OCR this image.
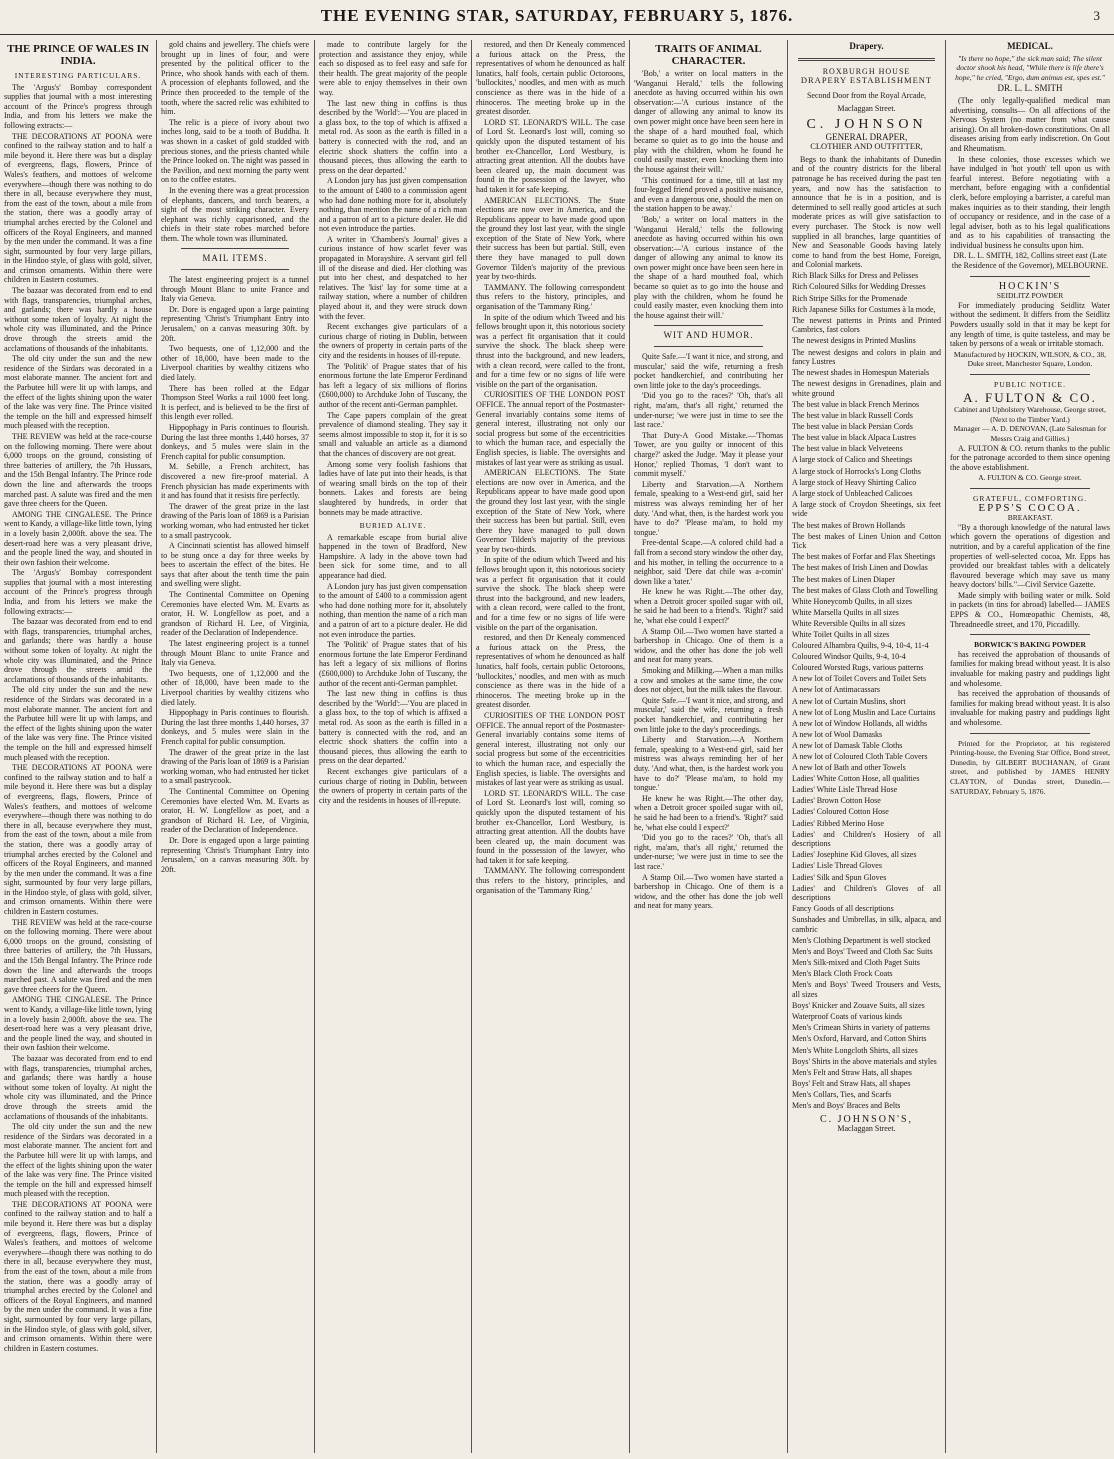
THE EVENING STAR, SATURDAY, FEBRUARY 5, 1876.	3
THE PRINCE OF WALES IN INDIA.
INTERESTING PARTICULARS.

The 'Argus's' Bombay correspondent supplies that journal with a most interesting account of the Prince's progress through India, and from his letters we make the following extracts:—

THE DECORATIONS AT POONA were confined to the railway station and to half a mile beyond it. Here there was but a display of evergreens, flags, flowers, Prince of Wales's feathers, and mottoes of welcome everywhere—though there was nothing to do there in all, because everywhere they must, from the east of the town, about a mile from the station, there was a goodly array of triumphal arches erected by the Colonel and officers of the Royal Engineers, and manned by the men under the command. It was a fine sight, surmounted by four very large pillars, in the Hindoo style, of glass with gold, silver, and crimson ornaments. Within there were children in Eastern costumes.

The bazaar was decorated from end to end with flags, transparencies, triumphal arches, and garlands; there was hardly a house without some token of loyalty. At night the whole city was illuminated, and the Prince drove through the streets amid the acclamations of thousands of the inhabitants.

The old city under the sun and the new residence of the Sirdars was decorated in a most elaborate manner. The ancient fort and the Parbutee hill were lit up with lamps, and the effect of the lights shining upon the water of the lake was very fine. The Prince visited the temple on the hill and expressed himself much pleased with the reception.

THE REVIEW was held at the race-course on the following morning. There were about 6,000 troops on the ground, consisting of three batteries of artillery, the 7th Hussars, and the 15th Bengal Infantry. The Prince rode down the line and afterwards the troops marched past. A salute was fired and the men gave three cheers for the Queen.

AMONG THE CINGALESE. The Prince went to Kandy, a village-like little town, lying in a lovely basin 2,000ft. above the sea. The desert-road here was a very pleasant drive, and the people lined the way, and shouted in their own fashion their welcome.

The 'Argus's' Bombay correspondent supplies that journal with a most interesting account of the Prince's progress through India, and from his letters we make the following extracts:—

The bazaar was decorated from end to end with flags, transparencies, triumphal arches, and garlands; there was hardly a house without some token of loyalty. At night the whole city was illuminated, and the Prince drove through the streets amid the acclamations of thousands of the inhabitants.

The old city under the sun and the new residence of the Sirdars was decorated in a most elaborate manner. The ancient fort and the Parbutee hill were lit up with lamps, and the effect of the lights shining upon the water of the lake was very fine. The Prince visited the temple on the hill and expressed himself much pleased with the reception.

THE DECORATIONS AT POONA were confined to the railway station and to half a mile beyond it. Here there was but a display of evergreens, flags, flowers, Prince of Wales's feathers, and mottoes of welcome everywhere—though there was nothing to do there in all, because everywhere they must, from the east of the town, about a mile from the station, there was a goodly array of triumphal arches erected by the Colonel and officers of the Royal Engineers, and manned by the men under the command. It was a fine sight, surmounted by four very large pillars, in the Hindoo style, of glass with gold, silver, and crimson ornaments. Within there were children in Eastern costumes.

THE REVIEW was held at the race-course on the following morning. There were about 6,000 troops on the ground, consisting of three batteries of artillery, the 7th Hussars, and the 15th Bengal Infantry. The Prince rode down the line and afterwards the troops marched past. A salute was fired and the men gave three cheers for the Queen.

AMONG THE CINGALESE. The Prince went to Kandy, a village-like little town, lying in a lovely basin 2,000ft. above the sea. The desert-road here was a very pleasant drive, and the people lined the way, and shouted in their own fashion their welcome.

The bazaar was decorated from end to end with flags, transparencies, triumphal arches, and garlands; there was hardly a house without some token of loyalty. At night the whole city was illuminated, and the Prince drove through the streets amid the acclamations of thousands of the inhabitants.

The old city under the sun and the new residence of the Sirdars was decorated in a most elaborate manner. The ancient fort and the Parbutee hill were lit up with lamps, and the effect of the lights shining upon the water of the lake was very fine. The Prince visited the temple on the hill and expressed himself much pleased with the reception.

THE DECORATIONS AT POONA were confined to the railway station and to half a mile beyond it. Here there was but a display of evergreens, flags, flowers, Prince of Wales's feathers, and mottoes of welcome everywhere—though there was nothing to do there in all, because everywhere they must, from the east of the town, about a mile from the station, there was a goodly array of triumphal arches erected by the Colonel and officers of the Royal Engineers, and manned by the men under the command. It was a fine sight, surmounted by four very large pillars, in the Hindoo style, of glass with gold, silver, and crimson ornaments. Within there were children in Eastern costumes.

gold chains and jewellery. The chiefs were brought up in lines of four, and were presented by the political officer to the Prince, who shook hands with each of them. A procession of elephants followed, and the Prince then proceeded to the temple of the tooth, where the sacred relic was exhibited to him.

The relic is a piece of ivory about two inches long, said to be a tooth of Buddha. It was shown in a casket of gold studded with precious stones, and the priests chanted while the Prince looked on. The night was passed in the Pavilion, and next morning the party went on to the coffee estates.

In the evening there was a great procession of elephants, dancers, and torch bearers, a sight of the most striking character. Every elephant was richly caparisoned, and the chiefs in their state robes marched before them. The whole town was illuminated.

MAIL ITEMS.

The latest engineering project is a tunnel through Mount Blanc to unite France and Italy via Geneva.

Dr. Dore is engaged upon a large painting representing 'Christ's Triumphant Entry into Jerusalem,' on a canvas measuring 30ft. by 20ft.

Two bequests, one of 1,12,000 and the other of 18,000, have been made to the Liverpool charities by wealthy citizens who died lately.

There has been rolled at the Edgar Thompson Steel Works a rail 1000 feet long. It is perfect, and is believed to be the first of this length ever rolled.

Hippophagy in Paris continues to flourish. During the last three months 1,440 horses, 37 donkeys, and 5 mules were slain in the French capital for public consumption.

M. Sebille, a French architect, has discovered a new fire-proof material. A French physician has made experiments with it and has found that it resists fire perfectly.

The drawer of the great prize in the last drawing of the Paris loan of 1869 is a Parisian working woman, who had entrusted her ticket to a small pastrycook.

A Cincinnati scientist has allowed himself to be stung once a day for three weeks by bees to ascertain the effect of the bites. He says that after about the tenth time the pain and swelling were slight.

The Continental Committee on Opening Ceremonies have elected Wm. M. Evarts as orator, H. W. Longfellow as poet, and a grandson of Richard H. Lee, of Virginia, reader of the Declaration of Independence.

The latest engineering project is a tunnel through Mount Blanc to unite France and Italy via Geneva.

Two bequests, one of 1,12,000 and the other of 18,000, have been made to the Liverpool charities by wealthy citizens who died lately.

Hippophagy in Paris continues to flourish. During the last three months 1,440 horses, 37 donkeys, and 5 mules were slain in the French capital for public consumption.

The drawer of the great prize in the last drawing of the Paris loan of 1869 is a Parisian working woman, who had entrusted her ticket to a small pastrycook.

The Continental Committee on Opening Ceremonies have elected Wm. M. Evarts as orator, H. W. Longfellow as poet, and a grandson of Richard H. Lee, of Virginia, reader of the Declaration of Independence.

Dr. Dore is engaged upon a large painting representing 'Christ's Triumphant Entry into Jerusalem,' on a canvas measuring 30ft. by 20ft.

made to contribute largely for the protection and assistance they enjoy, while each so disposed as to feel easy and safe for their health. The great majority of the people were able to enjoy themselves in their own way.

The last new thing in coffins is thus described by the 'World':—'You are placed in a glass box, to the top of which is affixed a metal rod. As soon as the earth is filled in a battery is connected with the rod, and an electric shock shatters the coffin into a thousand pieces, thus allowing the earth to press on the dear departed.'

A London jury has just given compensation to the amount of £400 to a commission agent who had done nothing more for it, absolutely nothing, than mention the name of a rich man and a patron of art to a picture dealer. He did not even introduce the parties.

A writer in 'Chambers's Journal' gives a curious instance of how scarlet fever was propagated in Morayshire. A servant girl fell ill of the disease and died. Her clothing was put into her chest, and despatched to her relatives. The 'kist' lay for some time at a railway station, where a number of children played about it, and they were struck down with the fever.

Recent exchanges give particulars of a curious charge of rioting in Dublin, between the owners of property in certain parts of the city and the residents in houses of ill-repute.

The 'Politik' of Prague states that of his enormous fortune the late Emperor Ferdinand has left a legacy of six millions of florins (£600,000) to Archduke John of Tuscany, the author of the recent anti-German pamphlet.

The Cape papers complain of the great prevalence of diamond stealing. They say it seems almost impossible to stop it, for it is so small and valuable an article as a diamond that the chances of discovery are not great.

Among some very foolish fashions that ladies have of late put into their heads, is that of wearing small birds on the top of their bonnets. Lakes and forests are being slaughtered by hundreds, in order that bonnets may be made attractive.

BURIED ALIVE.

A remarkable escape from burial alive happened in the town of Bradford, New Hampshire. A lady in the above town had been sick for some time, and to all appearance had died.

A London jury has just given compensation to the amount of £400 to a commission agent who had done nothing more for it, absolutely nothing, than mention the name of a rich man and a patron of art to a picture dealer. He did not even introduce the parties.

The 'Politik' of Prague states that of his enormous fortune the late Emperor Ferdinand has left a legacy of six millions of florins (£600,000) to Archduke John of Tuscany, the author of the recent anti-German pamphlet.

The last new thing in coffins is thus described by the 'World':—'You are placed in a glass box, to the top of which is affixed a metal rod. As soon as the earth is filled in a battery is connected with the rod, and an electric shock shatters the coffin into a thousand pieces, thus allowing the earth to press on the dear departed.'

Recent exchanges give particulars of a curious charge of rioting in Dublin, between the owners of property in certain parts of the city and the residents in houses of ill-repute.

restored, and then Dr Kenealy commenced a furious attack on the Press, the representatives of whom he denounced as half lunatics, half fools, certain public Octoroons, 'bullockites,' noodles, and men with as much conscience as there was in the hide of a rhinoceros. The meeting broke up in the greatest disorder.

LORD ST. LEONARD'S WILL. The case of Lord St. Leonard's lost will, coming so quickly upon the disputed testament of his brother ex-Chancellor, Lord Westbury, is attracting great attention. All the doubts have been cleared up, the main document was found in the possession of the lawyer, who had taken it for safe keeping.

AMERICAN ELECTIONS. The State elections are now over in America, and the Republicans appear to have made good upon the ground they lost last year, with the single exception of the State of New York, where their success has been but partial. Still, even there they have managed to pull down Governor Tilden's majority of the previous year by two-thirds.

TAMMANY. The following correspondent thus refers to the history, principles, and organisation of the 'Tammany Ring.'

In spite of the odium which Tweed and his fellows brought upon it, this notorious society was a perfect fit organisation that it could survive the shock. The black sheep were thrust into the background, and new leaders, with a clean record, were called to the front, and for a time few or no signs of life were visible on the part of the organisation.

CURIOSITIES OF THE LONDON POST OFFICE. The annual report of the Postmaster-General invariably contains some items of general interest, illustrating not only our social progress but some of the eccentricities to which the human race, and especially the English species, is liable. The oversights and mistakes of last year were as striking as usual.

AMERICAN ELECTIONS. The State elections are now over in America, and the Republicans appear to have made good upon the ground they lost last year, with the single exception of the State of New York, where their success has been but partial. Still, even there they have managed to pull down Governor Tilden's majority of the previous year by two-thirds.

In spite of the odium which Tweed and his fellows brought upon it, this notorious society was a perfect fit organisation that it could survive the shock. The black sheep were thrust into the background, and new leaders, with a clean record, were called to the front, and for a time few or no signs of life were visible on the part of the organisation.

restored, and then Dr Kenealy commenced a furious attack on the Press, the representatives of whom he denounced as half lunatics, half fools, certain public Octoroons, 'bullockites,' noodles, and men with as much conscience as there was in the hide of a rhinoceros. The meeting broke up in the greatest disorder.

CURIOSITIES OF THE LONDON POST OFFICE. The annual report of the Postmaster-General invariably contains some items of general interest, illustrating not only our social progress but some of the eccentricities to which the human race, and especially the English species, is liable. The oversights and mistakes of last year were as striking as usual.

LORD ST. LEONARD'S WILL. The case of Lord St. Leonard's lost will, coming so quickly upon the disputed testament of his brother ex-Chancellor, Lord Westbury, is attracting great attention. All the doubts have been cleared up, the main document was found in the possession of the lawyer, who had taken it for safe keeping.

TAMMANY. The following correspondent thus refers to the history, principles, and organisation of the 'Tammany Ring.'

TRAITS OF ANIMAL CHARACTER.

'Bob,' a writer on local matters in the 'Wanganui Herald,' tells the following anecdote as having occurred within his own observation:—'A curious instance of the danger of allowing any animal to know its own power might once have been seen here in the shape of a hard mouthed foal, which became so quiet as to go into the house and play with the children, whom he found he could easily master, even knocking them into the house against their will.'

'This continued for a time, till at last my four-legged friend proved a positive nuisance, and even a dangerous one, should the men on the station happen to be away.'

'Bob,' a writer on local matters in the 'Wanganui Herald,' tells the following anecdote as having occurred within his own observation:—'A curious instance of the danger of allowing any animal to know its own power might once have been seen here in the shape of a hard mouthed foal, which became so quiet as to go into the house and play with the children, whom he found he could easily master, even knocking them into the house against their will.'

WIT AND HUMOR.

Quite Safe.—'I want it nice, and strong, and muscular,' said the wife, returning a fresh pocket handkerchief, and contributing her own little joke to the day's proceedings.

'Did you go to the races?' 'Oh, that's all right, ma'am, that's all right,' returned the under-nurse; 'we were just in time to see the last race.'

That Duty-A Good Mistake.—'Thomas Tower, are you guilty or innocent of this charge?' asked the Judge. 'May it please your Honor,' replied Thomas, 'I don't want to commit myself.'

Liberty and Starvation.—A Northern female, speaking to a West-end girl, said her mistress was always reminding her of her duty. 'And what, then, is the hardest work you have to do?' 'Please ma'am, to hold my tongue.'

Free-dental Scape.—A colored child had a fall from a second story window the other day, and his mother, in telling the occurrence to a neighbor, said 'Dere dat chile was a-comin' down like a 'tater.'

He knew he was Right.—The other day, when a Detroit grocer spoiled sugar with oil, he said he had been to a friend's. 'Right?' said he, 'what else could I expect?'

A Stamp Oil.—Two women have started a barbershop in Chicago. One of them is a widow, and the other has done the job well and neat for many years.

Smoking and Milking.—When a man milks a cow and smokes at the same time, the cow does not object, but the milk takes the flavour.

Quite Safe.—'I want it nice, and strong, and muscular,' said the wife, returning a fresh pocket handkerchief, and contributing her own little joke to the day's proceedings.

Liberty and Starvation.—A Northern female, speaking to a West-end girl, said her mistress was always reminding her of her duty. 'And what, then, is the hardest work you have to do?' 'Please ma'am, to hold my tongue.'

He knew he was Right.—The other day, when a Detroit grocer spoiled sugar with oil, he said he had been to a friend's. 'Right?' said he, 'what else could I expect?'

'Did you go to the races?' 'Oh, that's all right, ma'am, that's all right,' returned the under-nurse; 'we were just in time to see the last race.'

A Stamp Oil.—Two women have started a barbershop in Chicago. One of them is a widow, and the other has done the job well and neat for many years.

Drapery.
ROXBURGH HOUSE
DRAPERY ESTABLISHMENT
Second Door from the Royal Arcade,
Maclaggan Street.
C. JOHNSON
GENERAL DRAPER,
CLOTHIER AND OUTFITTER,

Begs to thank the inhabitants of Dunedin and of the country districts for the liberal patronage he has received during the past ten years, and now has the satisfaction to announce that he is in a position, and is determined to sell really good articles at such moderate prices as will give satisfaction to every purchaser. The Stock is now well supplied in all branches, large quantities of New and Seasonable Goods having lately come to hand from the best Home, Foreign, and Colonial markets.

Rich Black Silks for Dress and Pelisses
Rich Coloured Silks for Wedding Dresses
Rich Stripe Silks for the Promenade
Rich Japanese Silks for Costumes à la mode,
The newest patterns in Prints and Printed Cambrics, fast colors
The newest designs in Printed Muslins
The newest designs and colors in plain and fancy Lustres
The newest shades in Homespun Materials
The newest designs in Grenadines, plain and white ground
The best value in black French Merinos
The best value in black Russell Cords
The best value in black Persian Cords
The best value in black Alpaca Lustres
The best value in black Velveteens
A large stock of Calico and Sheetings
A large stock of Horrocks's Long Cloths
A large stock of Heavy Shirting Calico
A large stock of Unbleached Calicoes
A large stock of Croydon Sheetings, six feet wide
The best makes of Brown Hollands
The best makes of Linen Union and Cotton Tick
The best makes of Forfar and Flax Sheetings
The best makes of Irish Linen and Dowlas
The best makes of Linen Diaper
The best makes of Glass Cloth and Towelling
White Honeycomb Quilts, in all sizes
White Marsella Quilts in all sizes
White Reversible Quilts in all sizes
White Toilet Quilts in all sizes
Coloured Alhambra Quilts, 9-4, 10-4, 11-4
Coloured Windsor Quilts, 9-4, 10-4
Coloured Worsted Rugs, various patterns
A new lot of Toilet Covers and Toilet Sets
A new lot of Antimacassars
A new lot of Curtain Muslins, short
A new lot of Long Muslin and Lace Curtains
A new lot of Window Hollands, all widths
A new lot of Wool Damasks
A new lot of Damask Table Cloths
A new lot of Coloured Cloth Table Covers
A new lot of Bath and other Towels
Ladies' White Cotton Hose, all qualities
Ladies' White Lisle Thread Hose
Ladies' Brown Cotton Hose
Ladies' Coloured Cotton Hose
Ladies' Ribbed Merino Hose
Ladies' and Children's Hosiery of all descriptions
Ladies' Josephine Kid Gloves, all sizes
Ladies' Lisle Thread Gloves
Ladies' Silk and Spun Gloves
Ladies' and Children's Gloves of all descriptions
Fancy Goods of all descriptions
Sunshades and Umbrellas, in silk, alpaca, and cambric
Men's Clothing Department is well stocked
Men's and Boys' Tweed and Cloth Sac Suits
Men's Silk-mixed and Cloth Paget Suits
Men's Black Cloth Frock Coats
Men's and Boys' Tweed Trousers and Vests, all sizes
Boys' Knicker and Zouave Suits, all sizes
Waterproof Coats of various kinds
Men's Crimean Shirts in variety of patterns
Men's Oxford, Harvard, and Cotton Shirts
Men's White Longcloth Shirts, all sizes
Boys' Shirts in the above materials and styles
Men's Felt and Straw Hats, all shapes
Boys' Felt and Straw Hats, all shapes
Men's Collars, Ties, and Scarfs
Men's and Boys' Braces and Belts
C. JOHNSON'S,
Maclaggan Street.
MEDICAL.
"Is there no hope," the sick man said; The silent doctor shook his head, "While there is life there's hope," he cried, "Ergo, dum animus est, spes est."
DR. L. L. SMITH

(The only legally-qualified medical man advertising, consults— On all affections of the Nervous System (no matter from what cause arising). On all broken-down constitutions. On all diseases arising from early indiscretion. On Gout and Rheumatism.

In these colonies, those excesses which we have indulged in 'hot youth' tell upon us with fearful interest. Before negotiating with a merchant, before engaging with a confidential clerk, before employing a barrister, a careful man makes inquiries as to their standing, their length of occupancy or residence, and in the case of a legal adviser, both as to his legal qualifications and as to his capabilities of transacting the individual business he consults upon him.

DR. L. L. SMITH, 182, Collins street east (Late the Residence of the Governor), MELBOURNE.
HOCKIN'S
SEIDLITZ POWDER

For immediately producing Seidlitz Water without the sediment. It differs from the Seidlitz Powders usually sold in that it may be kept for any length of time, is quite tasteless, and may be taken by persons of a weak or irritable stomach.

Manufactured by HOCKIN, WILSON, & CO., 38, Duke street, Manchester Square, London.
PUBLIC NOTICE.
A. FULTON & CO.
Cabinet and Upholstery Warehouse, George street, (Next to the Timber Yard.)
Manager — A. D. DENOVAN, (Late Salesman for Messrs Craig and Gillies.)

A. FULTON & CO. return thanks to the public for the patronage accorded to them since opening the above establishment.

A. FULTON & CO. George street.
GRATEFUL, COMFORTING.
EPPS'S COCOA.
BREAKFAST.

"By a thorough knowledge of the natural laws which govern the operations of digestion and nutrition, and by a careful application of the fine properties of well-selected cocoa, Mr. Epps has provided our breakfast tables with a delicately flavoured beverage which may save us many heavy doctors' bills."—Civil Service Gazette.

Made simply with boiling water or milk. Sold in packets (in tins for abroad) labelled— JAMES EPPS & CO., Homœopathic Chemists, 48, Threadneedle street, and 170, Piccadilly.

BORWICK'S BAKING POWDER

has received the approbation of thousands of families for making bread without yeast. It is also invaluable for making pastry and puddings light and wholesome.

has received the approbation of thousands of families for making bread without yeast. It is also invaluable for making pastry and puddings light and wholesome.

Printed for the Proprietor, at his registered Printing-house, the Evening Star Office, Bond street, Dunedin, by GILBERT BUCHANAN, of Grant street, and published by JAMES HENRY CLAYTON, of Dundas street, Dunedin.—SATURDAY, February 5, 1876.
